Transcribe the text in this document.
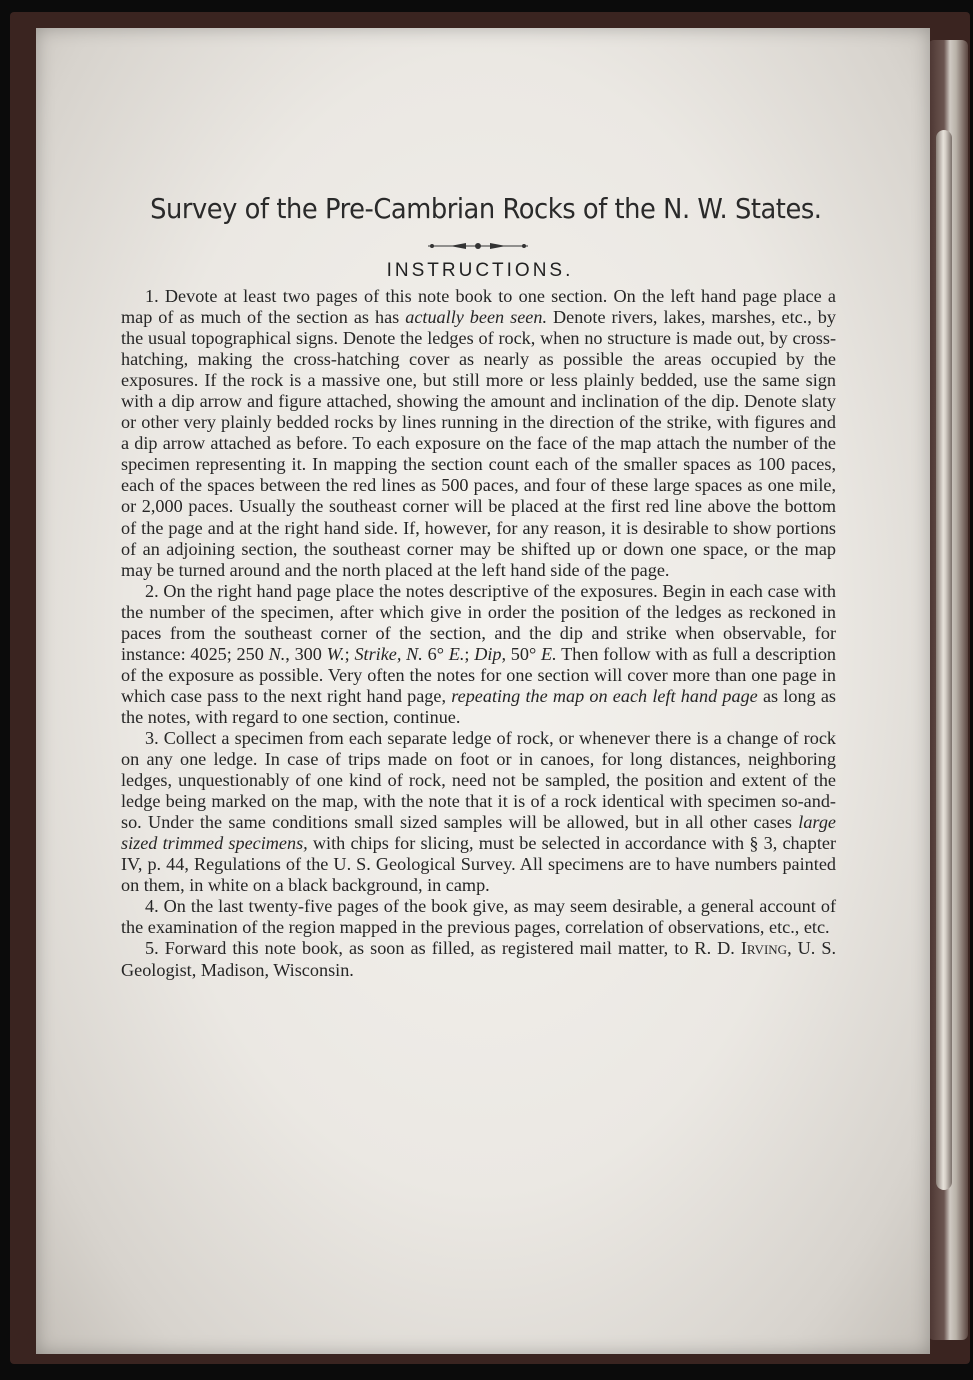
Survey of the Pre-Cambrian Rocks of the N. W. States.
INSTRUCTIONS.

1. Devote at least two pages of this note book to one section. On the left hand page place a map of as much of the section as has actually been seen. Denote rivers, lakes, marshes, etc., by the usual topographical signs. Denote the ledges of rock, when no structure is made out, by cross-hatching, making the cross-hatching cover as nearly as possible the areas occupied by the exposures. If the rock is a massive one, but still more or less plainly bedded, use the same sign with a dip arrow and figure attached, showing the amount and inclination of the dip. Denote slaty or other very plainly bedded rocks by lines running in the direction of the strike, with figures and a dip arrow attached as before. To each exposure on the face of the map attach the number of the specimen representing it. In mapping the section count each of the smaller spaces as 100 paces, each of the spaces between the red lines as 500 paces, and four of these large spaces as one mile, or 2,000 paces. Usually the southeast corner will be placed at the first red line above the bottom of the page and at the right hand side. If, however, for any reason, it is desirable to show portions of an adjoining section, the southeast corner may be shifted up or down one space, or the map may be turned around and the north placed at the left hand side of the page.

2. On the right hand page place the notes descriptive of the exposures. Begin in each case with the number of the specimen, after which give in order the position of the ledges as reckoned in paces from the southeast corner of the section, and the dip and strike when observable, for instance: 4025; 250 N., 300 W.; Strike, N. 6° E.; Dip, 50° E. Then follow with as full a description of the exposure as possible. Very often the notes for one section will cover more than one page in which case pass to the next right hand page, repeating the map on each left hand page as long as the notes, with regard to one section, continue.

3. Collect a specimen from each separate ledge of rock, or whenever there is a change of rock on any one ledge. In case of trips made on foot or in canoes, for long distances, neighboring ledges, unquestionably of one kind of rock, need not be sampled, the position and extent of the ledge being marked on the map, with the note that it is of a rock identical with specimen so-and-so. Under the same conditions small sized samples will be allowed, but in all other cases large sized trimmed specimens, with chips for slicing, must be selected in accordance with § 3, chapter IV, p. 44, Regulations of the U. S. Geological Survey. All specimens are to have numbers painted on them, in white on a black background, in camp.

4. On the last twenty-five pages of the book give, as may seem desirable, a general account of the examination of the region mapped in the previous pages, correlation of observations, etc., etc.

5. Forward this note book, as soon as filled, as registered mail matter, to R. D. Irving, U. S. Geologist, Madison, Wisconsin.
